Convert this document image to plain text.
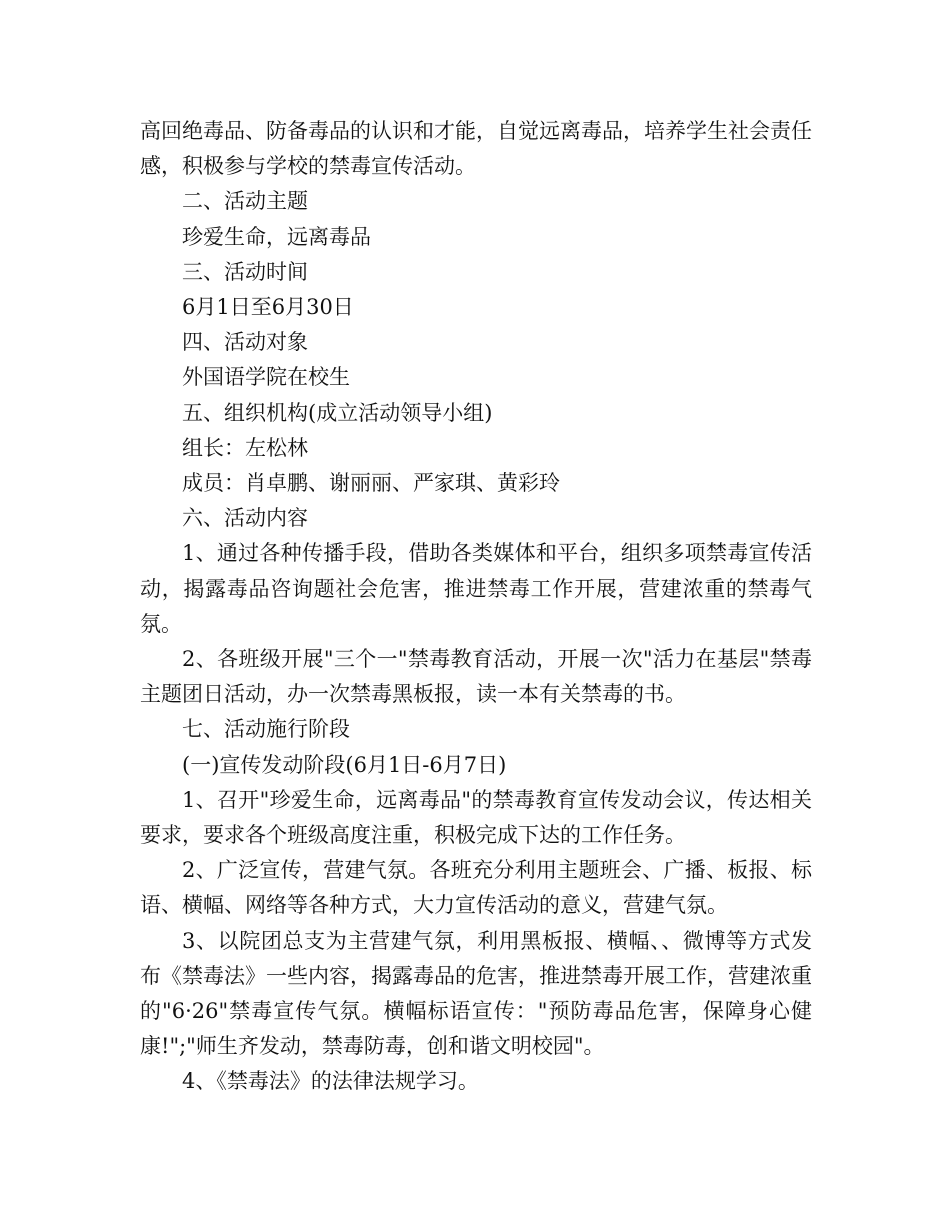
高回绝毒品、防备毒品的认识和才能，自觉远离毒品，培养学生社会责任感，积极参与学校的禁毒宣传活动。

二、活动主题

珍爱生命，远离毒品

三、活动时间

6月1日至6月30日

四、活动对象

外国语学院在校生

五、组织机构(成立活动领导小组)

组长：左松林

成员：肖卓鹏、谢丽丽、严家琪、黄彩玲

六、活动内容

1、通过各种传播手段，借助各类媒体和平台，组织多项禁毒宣传活动，揭露毒品咨询题社会危害，推进禁毒工作开展，营建浓重的禁毒气氛。

2、各班级开展"三个一"禁毒教育活动，开展一次"活力在基层"禁毒主题团日活动，办一次禁毒黑板报，读一本有关禁毒的书。

七、活动施行阶段

(一)宣传发动阶段(6月1日-6月7日)

1、召开"珍爱生命，远离毒品"的禁毒教育宣传发动会议，传达相关要求，要求各个班级高度注重，积极完成下达的工作任务。

2、广泛宣传，营建气氛。各班充分利用主题班会、广播、板报、标语、横幅、网络等各种方式，大力宣传活动的意义，营建气氛。

3、以院团总支为主营建气氛，利用黑板报、横幅、、微博等方式发布《禁毒法》一些内容，揭露毒品的危害，推进禁毒开展工作，营建浓重的"6·26"禁毒宣传气氛。横幅标语宣传："预防毒品危害，保障身心健康!";"师生齐发动，禁毒防毒，创和谐文明校园"。

4、《禁毒法》的法律法规学习。
